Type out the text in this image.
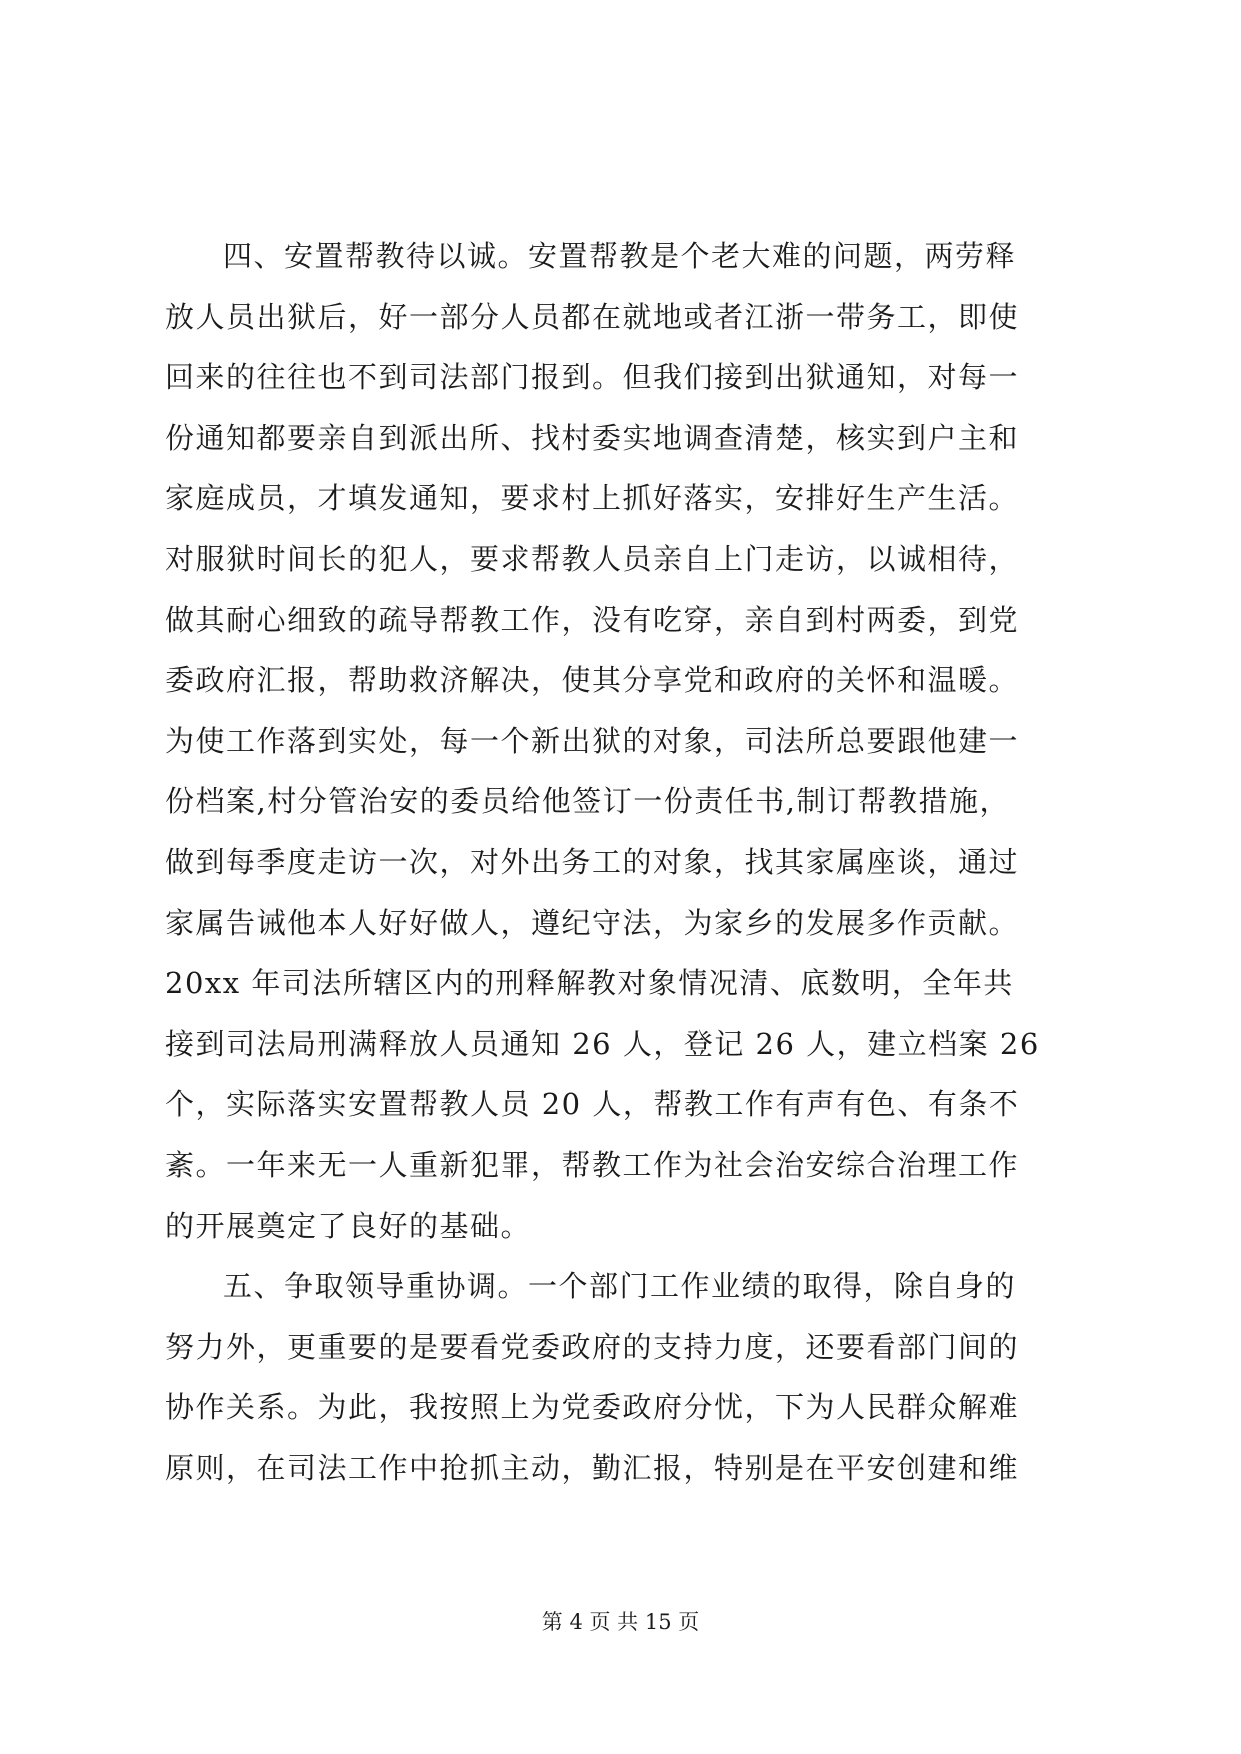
四、安置帮教待以诚。安置帮教是个老大难的问题，两劳释
放人员出狱后，好一部分人员都在就地或者江浙一带务工，即使
回来的往往也不到司法部门报到。但我们接到出狱通知，对每一
份通知都要亲自到派出所、找村委实地调查清楚，核实到户主和
家庭成员，才填发通知，要求村上抓好落实，安排好生产生活。
对服狱时间长的犯人，要求帮教人员亲自上门走访，以诚相待，
做其耐心细致的疏导帮教工作，没有吃穿，亲自到村两委，到党
委政府汇报，帮助救济解决，使其分享党和政府的关怀和温暖。
为使工作落到实处，每一个新出狱的对象，司法所总要跟他建一
份档案,村分管治安的委员给他签订一份责任书,制订帮教措施，
做到每季度走访一次，对外出务工的对象，找其家属座谈，通过
家属告诫他本人好好做人，遵纪守法，为家乡的发展多作贡献。
20xx 年司法所辖区内的刑释解教对象情况清、底数明，全年共
接到司法局刑满释放人员通知 26 人，登记 26 人，建立档案 26
个，实际落实安置帮教人员 20 人，帮教工作有声有色、有条不
紊。一年来无一人重新犯罪，帮教工作为社会治安综合治理工作
的开展奠定了良好的基础。
五、争取领导重协调。一个部门工作业绩的取得，除自身的
努力外，更重要的是要看党委政府的支持力度，还要看部门间的
协作关系。为此，我按照上为党委政府分忧，下为人民群众解难
原则，在司法工作中抢抓主动，勤汇报，特别是在平安创建和维
第 4 页 共 15 页
